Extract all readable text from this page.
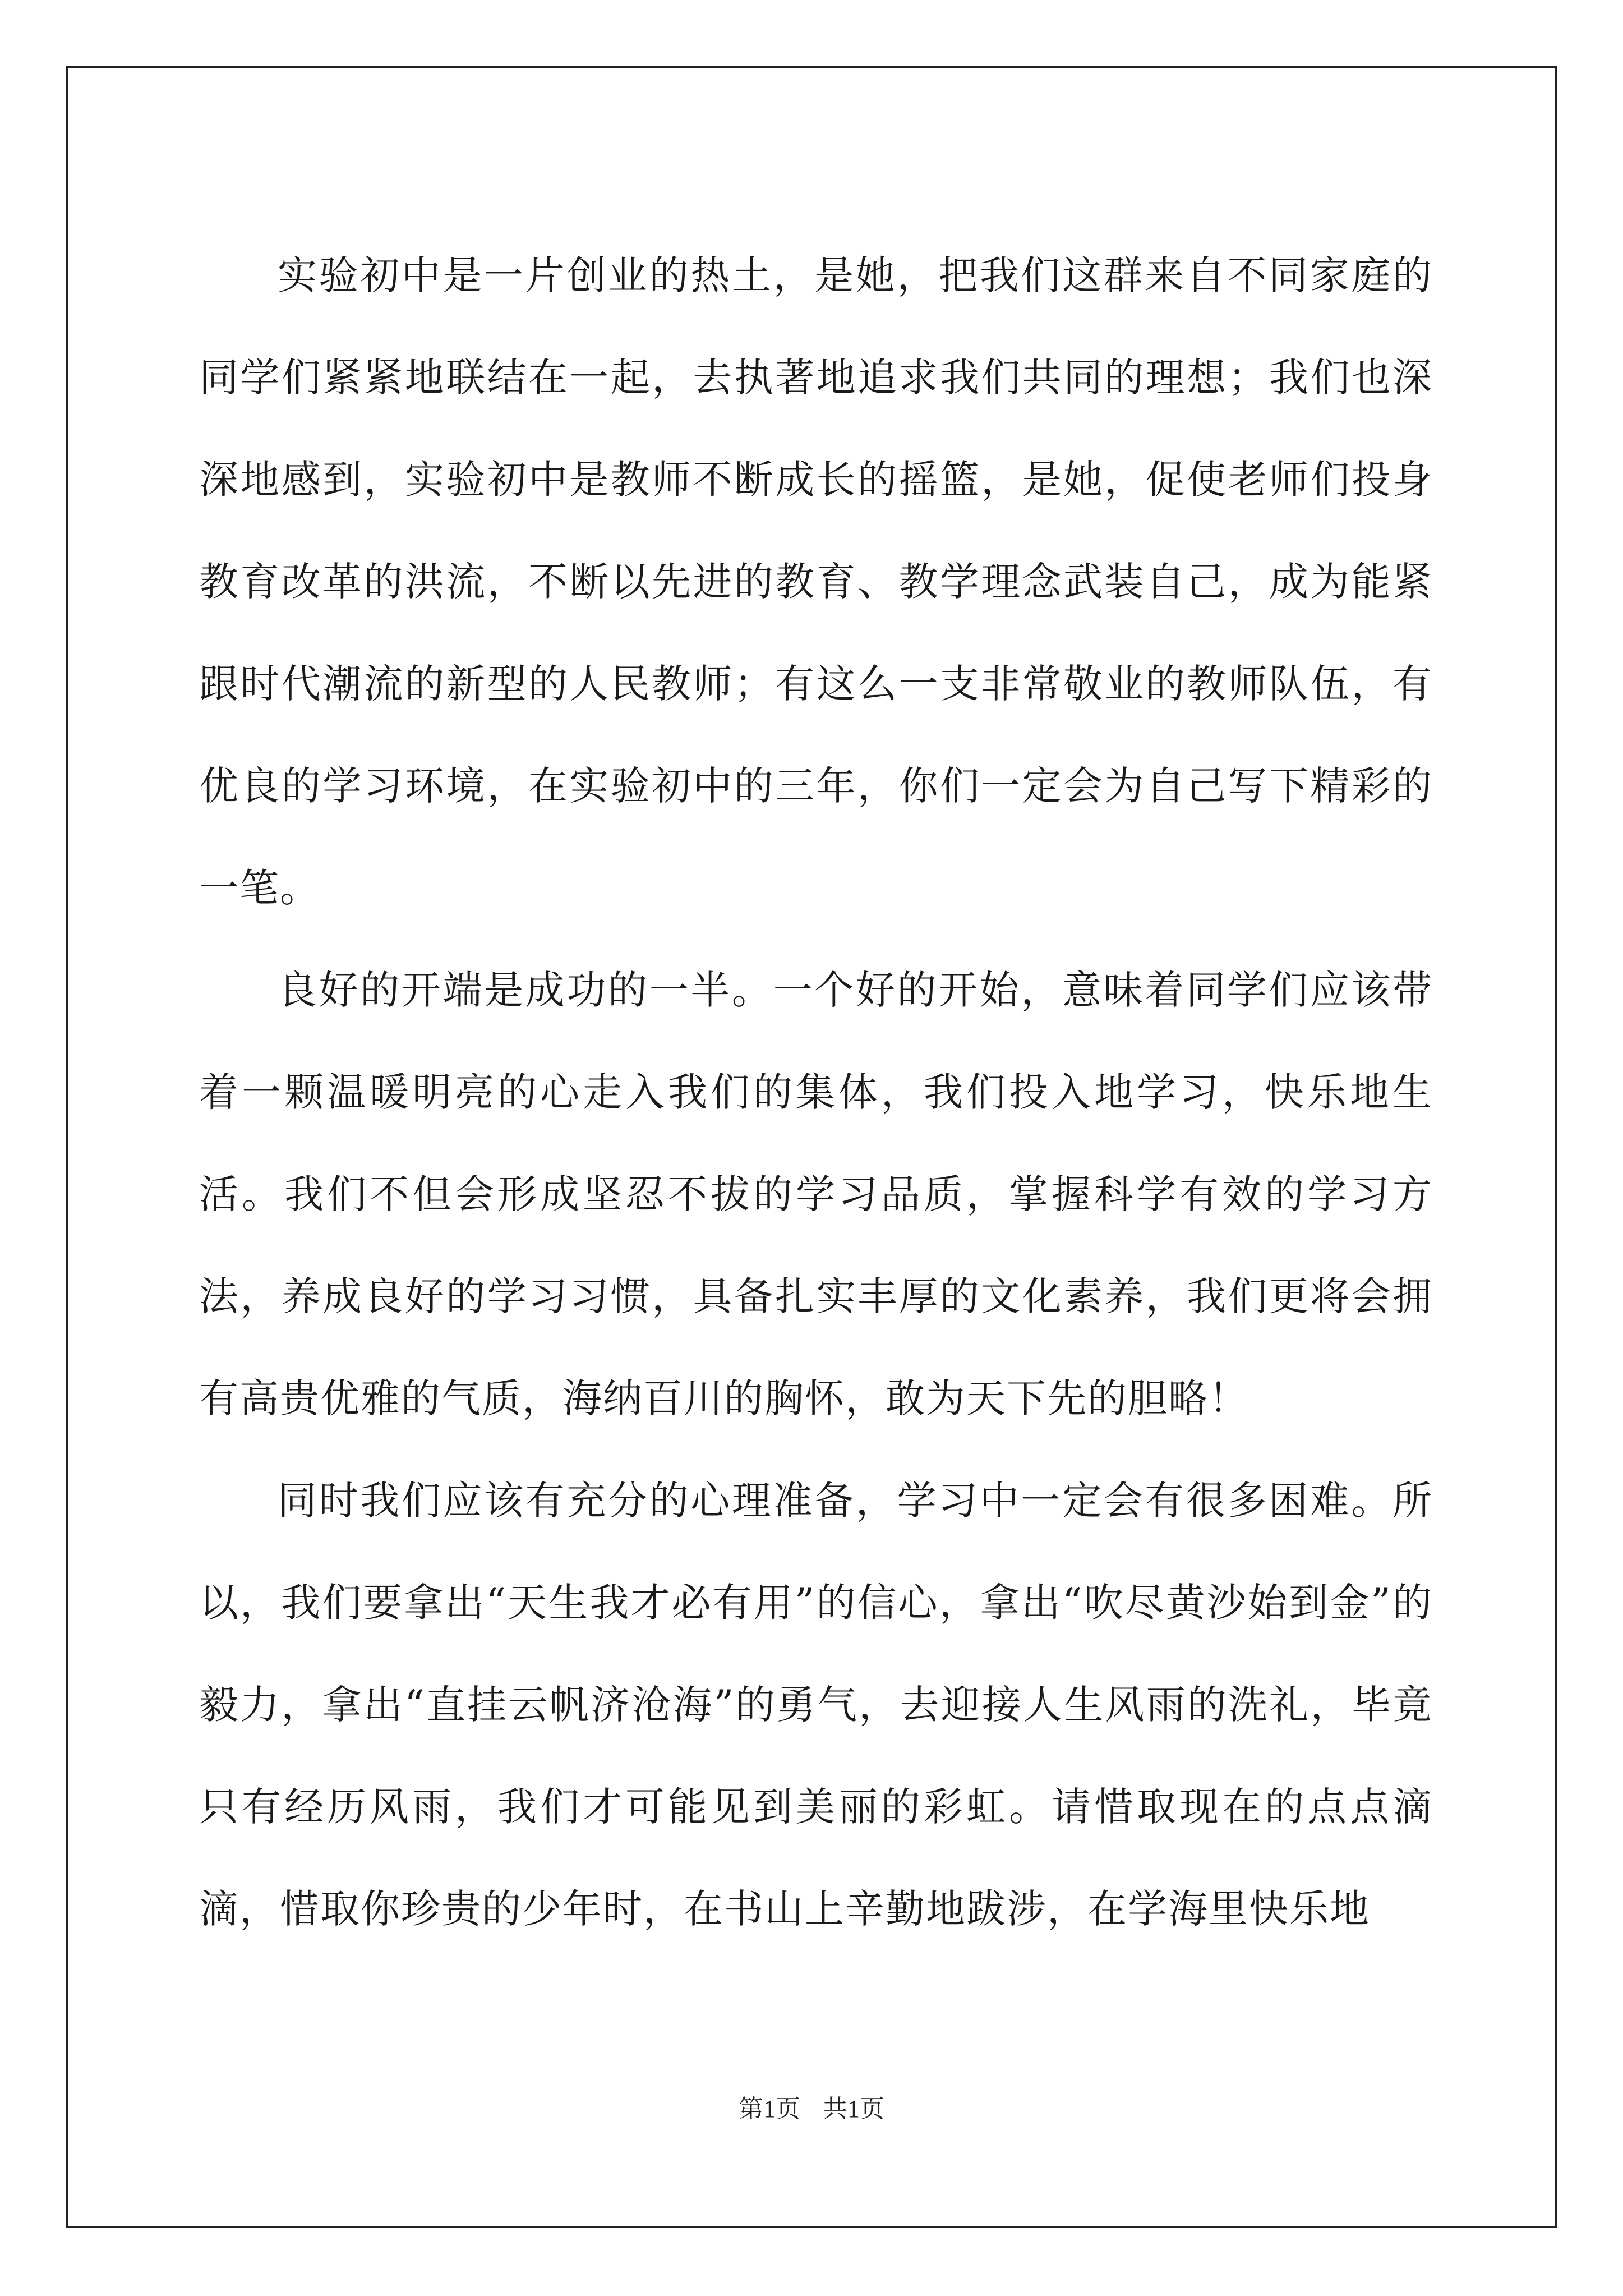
实验初中是一片创业的热土，是她，把我们这群来自不同家庭的同学们紧紧地联结在一起，去执著地追求我们共同的理想；我们也深深地感到，实验初中是教师不断成长的摇篮，是她，促使老师们投身教育改革的洪流，不断以先进的教育、教学理念武装自己，成为能紧跟时代潮流的新型的人民教师；有这么一支非常敬业的教师队伍，有优良的学习环境，在实验初中的三年，你们一定会为自己写下精彩的一笔。

良好的开端是成功的一半。一个好的开始，意味着同学们应该带着一颗温暖明亮的心走入我们的集体，我们投入地学习，快乐地生活。我们不但会形成坚忍不拔的学习品质，掌握科学有效的学习方法，养成良好的学习习惯，具备扎实丰厚的文化素养，我们更将会拥有高贵优雅的气质，海纳百川的胸怀，敢为天下先的胆略！

同时我们应该有充分的心理准备，学习中一定会有很多困难。所以，我们要拿出“天生我才必有用”的信心，拿出“吹尽黄沙始到金”的毅力，拿出“直挂云帆济沧海”的勇气，去迎接人生风雨的洗礼，毕竟只有经历风雨，我们才可能见到美丽的彩虹。请惜取现在的点点滴滴，惜取你珍贵的少年时，在书山上辛勤地跋涉，在学海里快乐地

第1页 共1页
